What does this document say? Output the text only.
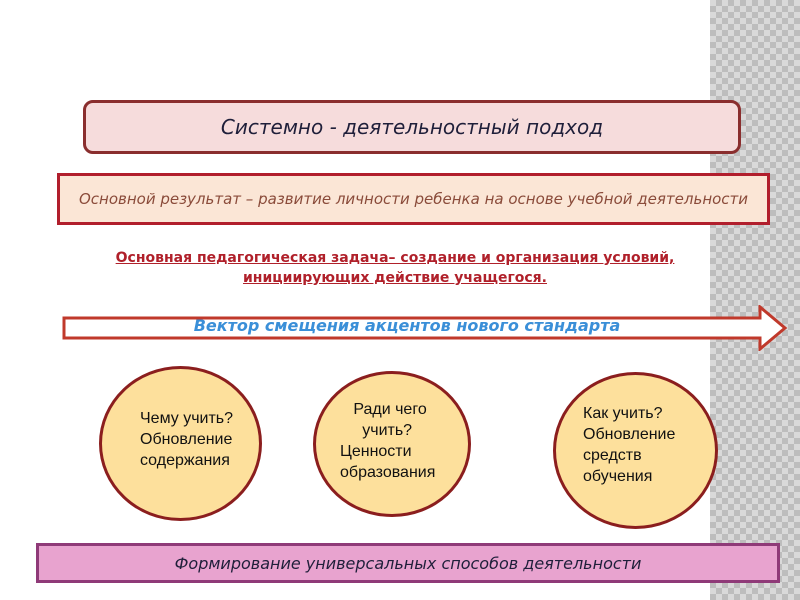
Системно - деятельностный подход
Основной результат – развитие личности ребенка на основе учебной деятельности
Основная педагогическая задача– создание и организация условий, инициирующих действие учащегося.
Вектор смещения акцентов нового стандарта
Чему учить?
Обновление
содержания
Ради чего
учить?
Ценности
образования
Как учить?
Обновление
средств
обучения
Формирование универсальных способов деятельности
